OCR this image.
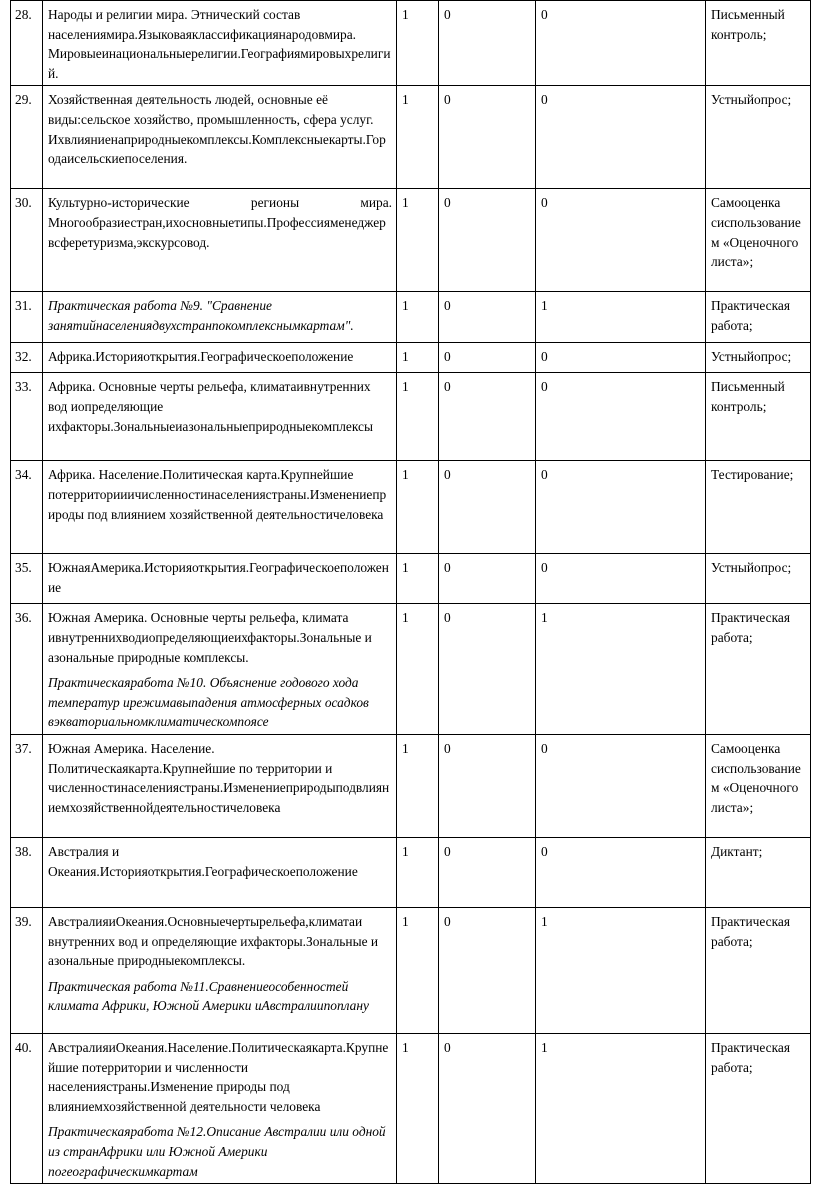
28.	Народы и религии мира. Этнический состав населениямира.Языковаяклассификациянародовмира. Мировыеинациональныерелигии.Географиямировыхрелигий.	1	0	0	Письменный контроль;
29.	Хозяйственная деятельность людей, основные её виды:сельское хозяйство, промышленность, сфера услуг. Ихвлияниенаприродныекомплексы.Комплексныекарты.Городаисельскиепоселения.	1	0	0	Устныйопрос;
30.	Культурно-исторические регионы мира. Многообразиестран,ихосновныетипы.Профессияменеджервсферетуризма,экскурсовод.	1	0	0	Самооценка сиспользованием «Оценочного листа»;
31.	Практическая работа №9. "Сравнение занятийнаселениядвухстранпокомплекснымкартам".	1	0	1	Практическая работа;
32.	Африка.Историяоткрытия.Географическоеположение	1	0	0	Устныйопрос;
33.	Африка. Основные черты рельефа, климатаивнутренних вод иопределяющие ихфакторы.Зональныеиазональныеприродныекомплексы	1	0	0	Письменный контроль;
34.	Африка. Население.Политическая карта.Крупнейшие потерриторииичисленностинаселениястраны.Изменениеприроды под влиянием хозяйственной деятельностичеловека	1	0	0	Тестирование;
35.	ЮжнаяАмерика.Историяоткрытия.Географическоеположение	1	0	0	Устныйопрос;
36.	Южная Америка. Основные черты рельефа, климата ивнутреннихводиопределяющиеихфакторы.Зональные и азональные природные комплексы.
Практическаяработа №10. Объяснение годового хода температур ирежимавыпадения атмосферных осадков вэкваториальномклиматическомпоясе	1	0	1	Практическая работа;
37.	Южная Америка. Население. Политическаякарта.Крупнейшие по территории и численностинаселениястраны.Изменениеприродыподвлияниемхозяйственнойдеятельностичеловека	1	0	0	Самооценка сиспользованием «Оценочного листа»;
38.	Австралия и Океания.Историяоткрытия.Географическоеположение	1	0	0	Диктант;
39.	АвстралияиОкеания.Основныечертырельефа,климатаи внутренних вод и определяющие ихфакторы.Зональные и азональные природныекомплексы.
Практическая работа №11.Сравнениеособенностей климата Африки, Южной Америки иАвстралиипоплану	1	0	1	Практическая работа;
40.	АвстралияиОкеания.Население.Политическаякарта.Крупнейшие потерритории и численности населениястраны.Изменение природы под влияниемхозяйственной деятельности человека
Практическаяработа №12.Описание Австралии или одной из странАфрики или Южной Америки погеографическимкартам	1	0	1	Практическая работа;
